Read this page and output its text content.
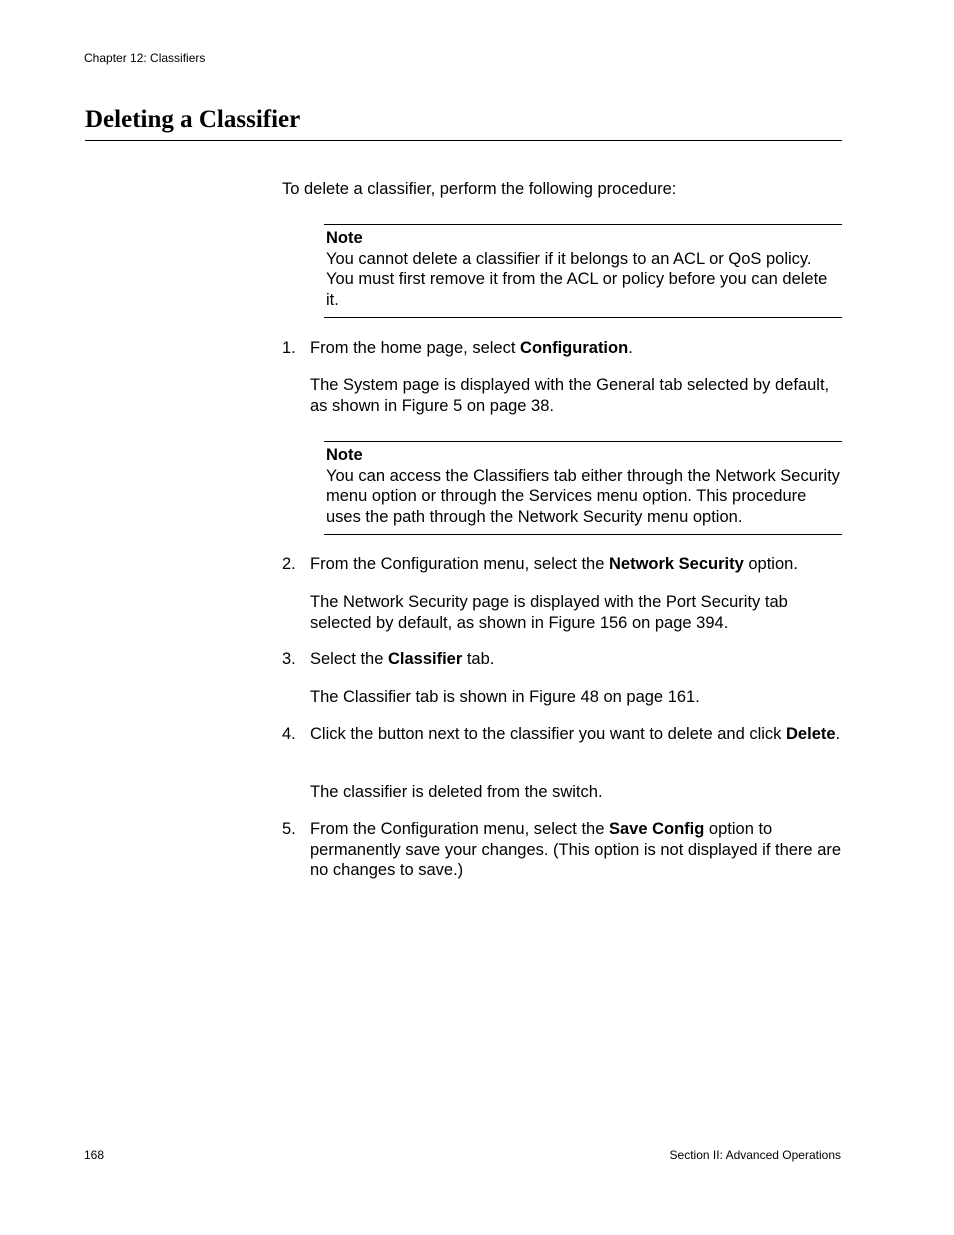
Chapter 12: Classifiers
Deleting a Classifier

To delete a classifier, perform the following procedure:

Note
You cannot delete a classifier if it belongs to an ACL or QoS policy. You must first remove it from the ACL or policy before you can delete it.
1. From the home page, select Configuration.

The System page is displayed with the General tab selected by default, as shown in Figure 5 on page 38.

Note
You can access the Classifiers tab either through the Network Security menu option or through the Services menu option. This procedure uses the path through the Network Security menu option.
2. From the Configuration menu, select the Network Security option.

The Network Security page is displayed with the Port Security tab selected by default, as shown in Figure 156 on page 394.

3. Select the Classifier tab.

The Classifier tab is shown in Figure 48 on page 161.

4. Click the button next to the classifier you want to delete and click Delete.

The classifier is deleted from the switch.

5. From the Configuration menu, select the Save Config option to permanently save your changes. (This option is not displayed if there are no changes to save.)

168	Section II: Advanced Operations
